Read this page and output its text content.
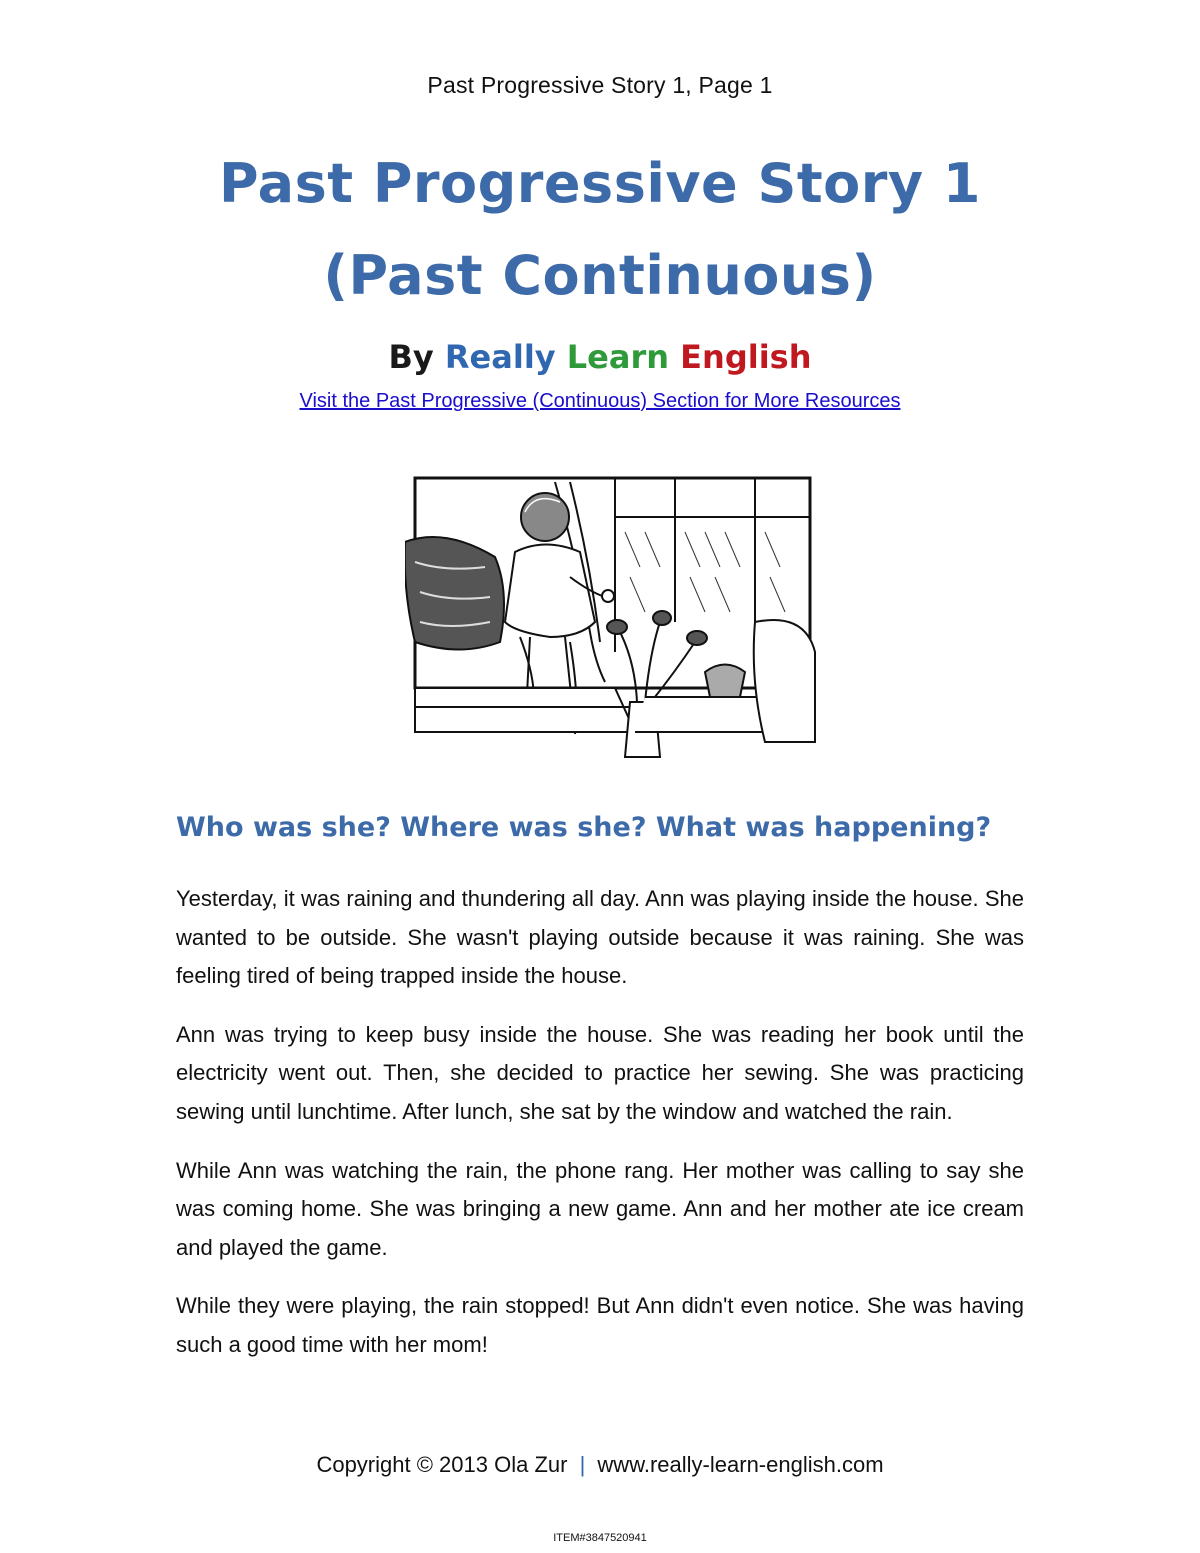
Past Progressive Story 1, Page 1
Past Progressive Story 1
(Past Continuous)
By Really Learn English
Visit the Past Progressive (Continuous) Section for More Resources
Who was she? Where was she? What was happening?

Yesterday, it was raining and thundering all day. Ann was playing inside the house. She wanted to be outside. She wasn't playing outside because it was raining. She was feeling tired of being trapped inside the house.

Ann was trying to keep busy inside the house. She was reading her book until the electricity went out. Then, she decided to practice her sewing. She was practicing sewing until lunchtime. After lunch, she sat by the window and watched the rain.

While Ann was watching the rain, the phone rang. Her mother was calling to say she was coming home. She was bringing a new game. Ann and her mother ate ice cream and played the game.

While they were playing, the rain stopped! But Ann didn't even notice. She was having such a good time with her mom!

Copyright © 2013 Ola Zur | www.really-learn-english.com
ITEM#3847520941
